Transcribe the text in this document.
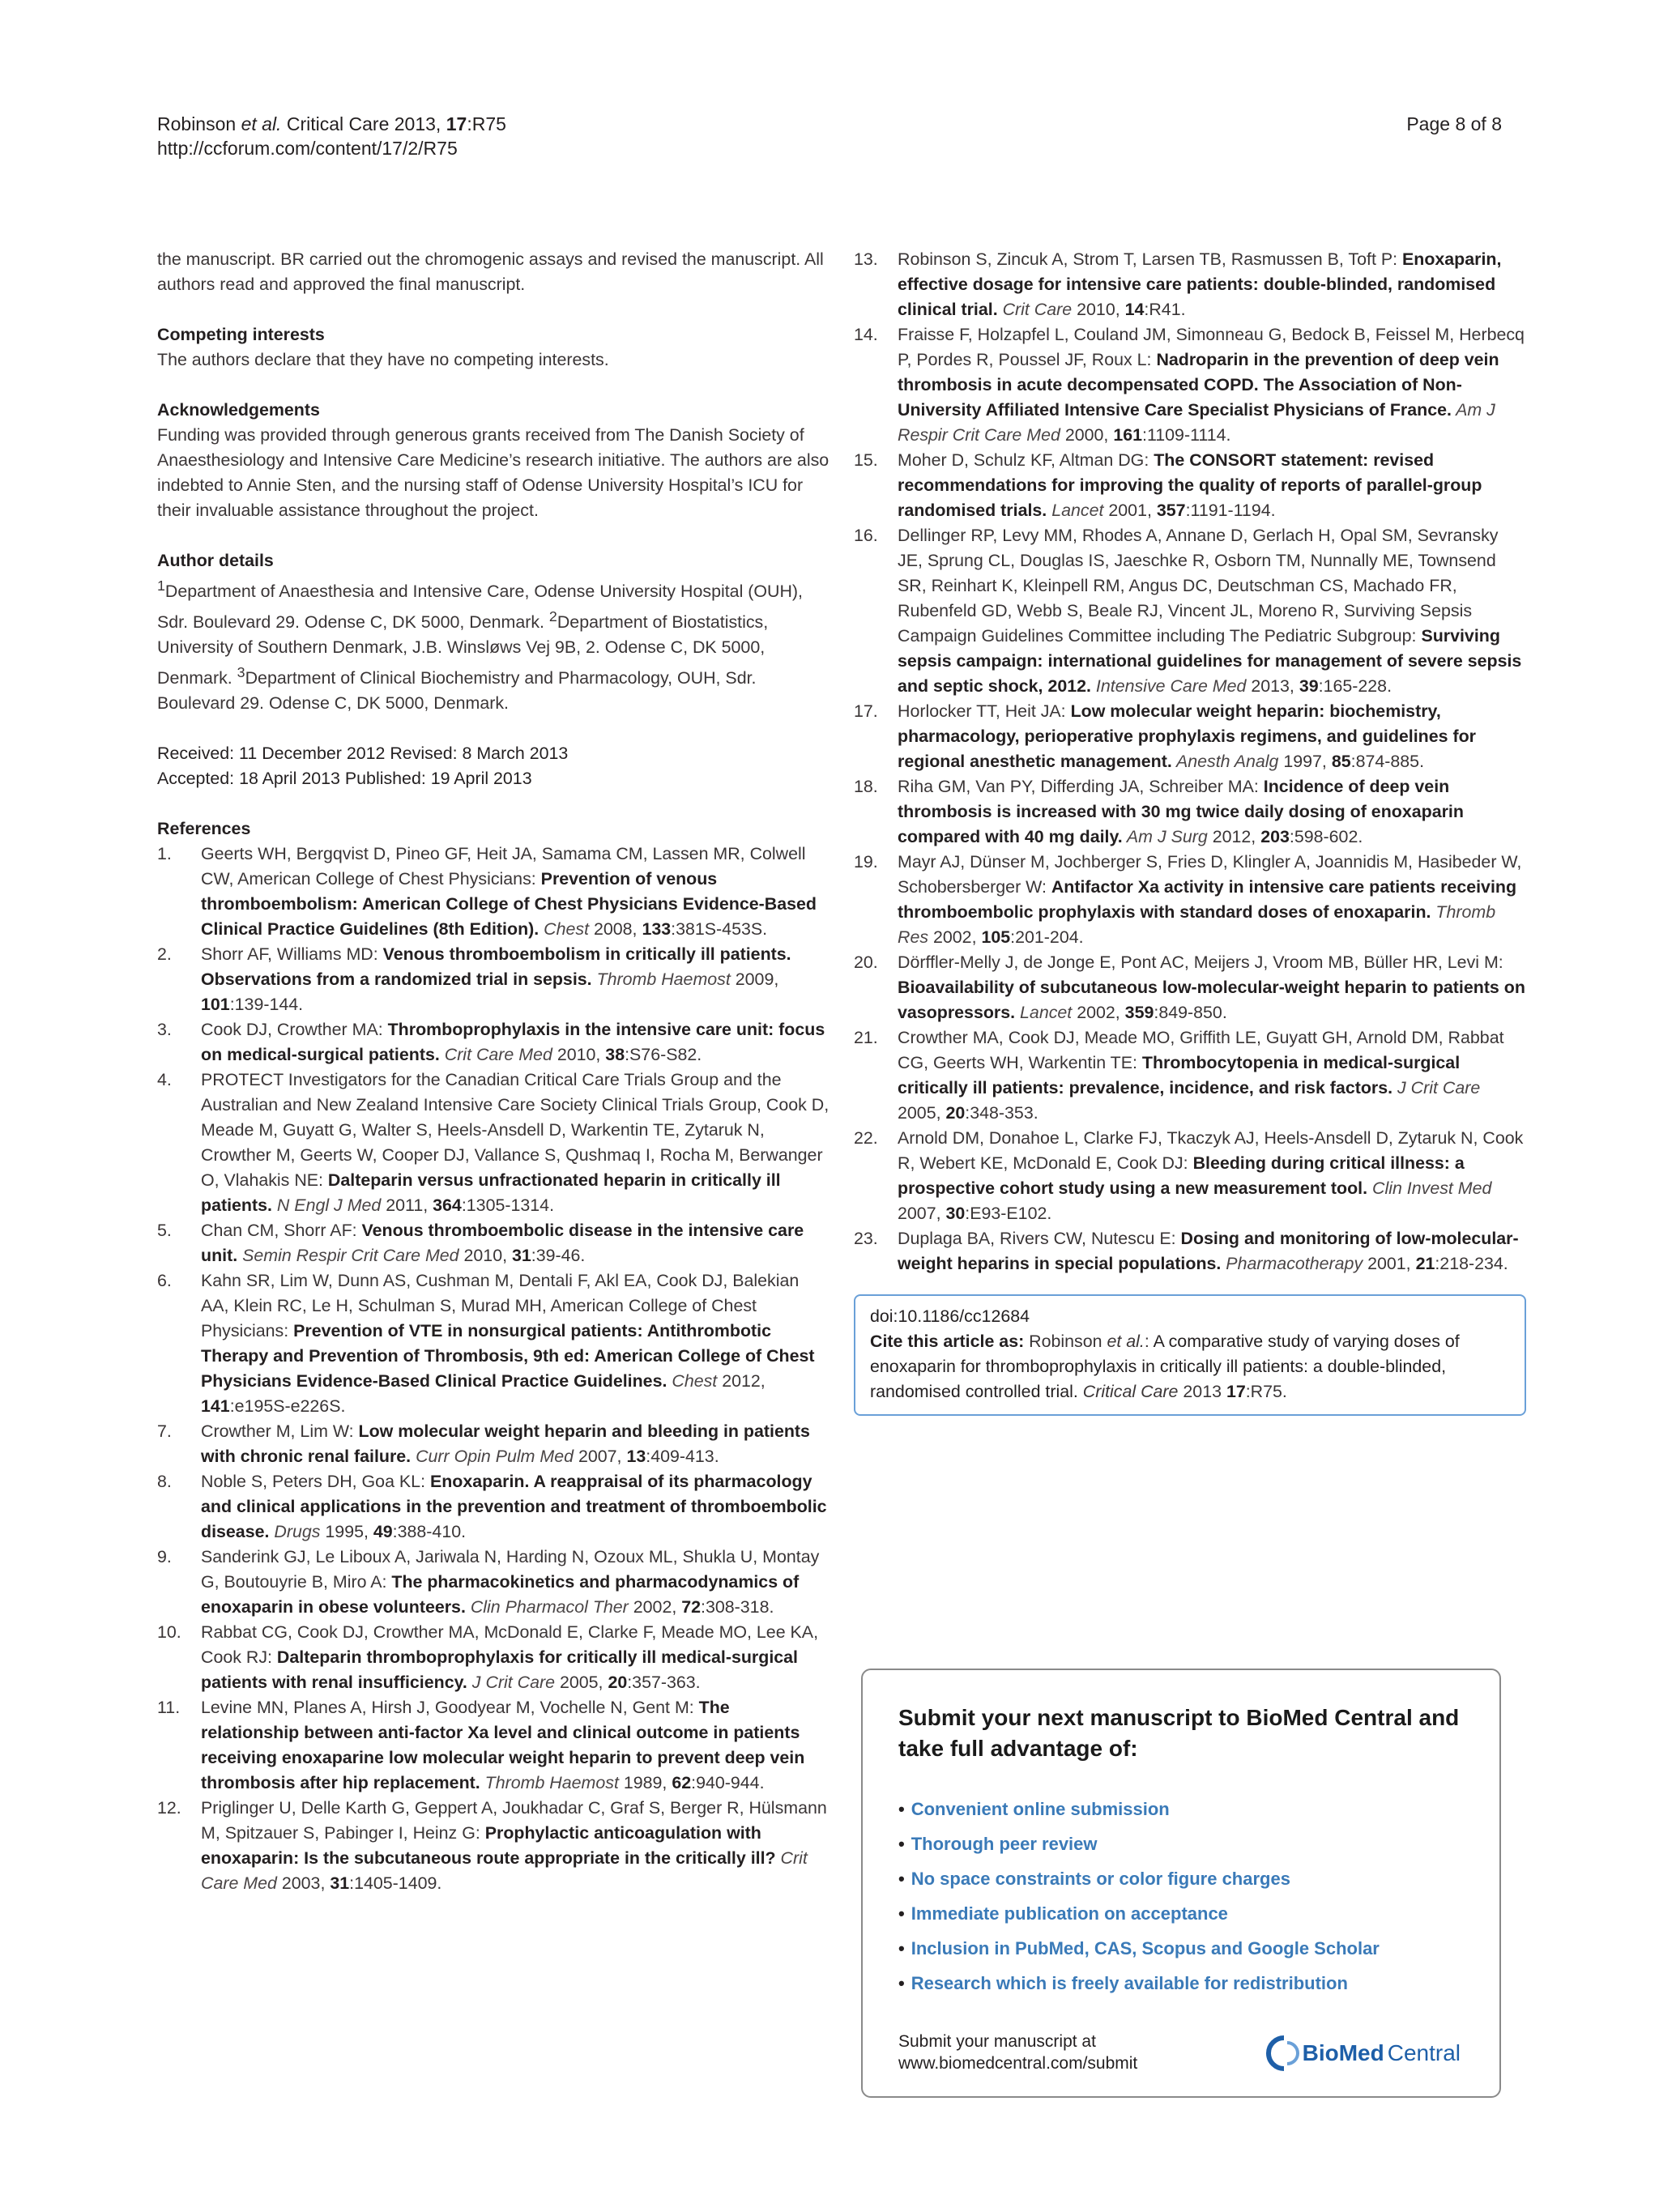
Robinson et al. Critical Care 2013, 17:R75
http://ccforum.com/content/17/2/R75
Page 8 of 8

the manuscript. BR carried out the chromogenic assays and revised the manuscript. All authors read and approved the final manuscript.

Competing interests

The authors declare that they have no competing interests.

Acknowledgements

Funding was provided through generous grants received from The Danish Society of Anaesthesiology and Intensive Care Medicine’s research initiative. The authors are also indebted to Annie Sten, and the nursing staff of Odense University Hospital’s ICU for their invaluable assistance throughout the project.

Author details

$^1$Department of Anaesthesia and Intensive Care, Odense University Hospital (OUH), Sdr. Boulevard 29. Odense C, DK 5000, Denmark. $^2$Department of Biostatistics, University of Southern Denmark, J.B. Winsløws Vej 9B, 2. Odense C, DK 5000, Denmark. $^3$Department of Clinical Biochemistry and Pharmacology, OUH, Sdr. Boulevard 29. Odense C, DK 5000, Denmark.

Received: 11 December 2012 Revised: 8 March 2013

Accepted: 18 April 2013 Published: 19 April 2013

References

1. Geerts WH, Bergqvist D, Pineo GF, Heit JA, Samama CM, Lassen MR, Colwell CW, American College of Chest Physicians: Prevention of venous thromboembolism: American College of Chest Physicians Evidence-Based Clinical Practice Guidelines (8th Edition). Chest 2008, 133:381S-453S.

2. Shorr AF, Williams MD: Venous thromboembolism in critically ill patients. Observations from a randomized trial in sepsis. Thromb Haemost 2009, 101:139-144.

3. Cook DJ, Crowther MA: Thromboprophylaxis in the intensive care unit: focus on medical-surgical patients. Crit Care Med 2010, 38:S76-S82.

4. PROTECT Investigators for the Canadian Critical Care Trials Group and the Australian and New Zealand Intensive Care Society Clinical Trials Group, Cook D, Meade M, Guyatt G, Walter S, Heels-Ansdell D, Warkentin TE, Zytaruk N, Crowther M, Geerts W, Cooper DJ, Vallance S, Qushmaq I, Rocha M, Berwanger O, Vlahakis NE: Dalteparin versus unfractionated heparin in critically ill patients. N Engl J Med 2011, 364:1305-1314.

5. Chan CM, Shorr AF: Venous thromboembolic disease in the intensive care unit. Semin Respir Crit Care Med 2010, 31:39-46.

6. Kahn SR, Lim W, Dunn AS, Cushman M, Dentali F, Akl EA, Cook DJ, Balekian AA, Klein RC, Le H, Schulman S, Murad MH, American College of Chest Physicians: Prevention of VTE in nonsurgical patients: Antithrombotic Therapy and Prevention of Thrombosis, 9th ed: American College of Chest Physicians Evidence-Based Clinical Practice Guidelines. Chest 2012, 141:e195S-e226S.

7. Crowther M, Lim W: Low molecular weight heparin and bleeding in patients with chronic renal failure. Curr Opin Pulm Med 2007, 13:409-413.

8. Noble S, Peters DH, Goa KL: Enoxaparin. A reappraisal of its pharmacology and clinical applications in the prevention and treatment of thromboembolic disease. Drugs 1995, 49:388-410.

9. Sanderink GJ, Le Liboux A, Jariwala N, Harding N, Ozoux ML, Shukla U, Montay G, Boutouyrie B, Miro A: The pharmacokinetics and pharmacodynamics of enoxaparin in obese volunteers. Clin Pharmacol Ther 2002, 72:308-318.

10. Rabbat CG, Cook DJ, Crowther MA, McDonald E, Clarke F, Meade MO, Lee KA, Cook RJ: Dalteparin thromboprophylaxis for critically ill medical-surgical patients with renal insufficiency. J Crit Care 2005, 20:357-363.

11. Levine MN, Planes A, Hirsh J, Goodyear M, Vochelle N, Gent M: The relationship between anti-factor Xa level and clinical outcome in patients receiving enoxaparine low molecular weight heparin to prevent deep vein thrombosis after hip replacement. Thromb Haemost 1989, 62:940-944.

12. Priglinger U, Delle Karth G, Geppert A, Joukhadar C, Graf S, Berger R, Hülsmann M, Spitzauer S, Pabinger I, Heinz G: Prophylactic anticoagulation with enoxaparin: Is the subcutaneous route appropriate in the critically ill? Crit Care Med 2003, 31:1405-1409.

13. Robinson S, Zincuk A, Strom T, Larsen TB, Rasmussen B, Toft P: Enoxaparin, effective dosage for intensive care patients: double-blinded, randomised clinical trial. Crit Care 2010, 14:R41.

14. Fraisse F, Holzapfel L, Couland JM, Simonneau G, Bedock B, Feissel M, Herbecq P, Pordes R, Poussel JF, Roux L: Nadroparin in the prevention of deep vein thrombosis in acute decompensated COPD. The Association of Non-University Affiliated Intensive Care Specialist Physicians of France. Am J Respir Crit Care Med 2000, 161:1109-1114.

15. Moher D, Schulz KF, Altman DG: The CONSORT statement: revised recommendations for improving the quality of reports of parallel-group randomised trials. Lancet 2001, 357:1191-1194.

16. Dellinger RP, Levy MM, Rhodes A, Annane D, Gerlach H, Opal SM, Sevransky JE, Sprung CL, Douglas IS, Jaeschke R, Osborn TM, Nunnally ME, Townsend SR, Reinhart K, Kleinpell RM, Angus DC, Deutschman CS, Machado FR, Rubenfeld GD, Webb S, Beale RJ, Vincent JL, Moreno R, Surviving Sepsis Campaign Guidelines Committee including The Pediatric Subgroup: Surviving sepsis campaign: international guidelines for management of severe sepsis and septic shock, 2012. Intensive Care Med 2013, 39:165-228.

17. Horlocker TT, Heit JA: Low molecular weight heparin: biochemistry, pharmacology, perioperative prophylaxis regimens, and guidelines for regional anesthetic management. Anesth Analg 1997, 85:874-885.

18. Riha GM, Van PY, Differding JA, Schreiber MA: Incidence of deep vein thrombosis is increased with 30 mg twice daily dosing of enoxaparin compared with 40 mg daily. Am J Surg 2012, 203:598-602.

19. Mayr AJ, Dünser M, Jochberger S, Fries D, Klingler A, Joannidis M, Hasibeder W, Schobersberger W: Antifactor Xa activity in intensive care patients receiving thromboembolic prophylaxis with standard doses of enoxaparin. Thromb Res 2002, 105:201-204.

20. Dörffler-Melly J, de Jonge E, Pont AC, Meijers J, Vroom MB, Büller HR, Levi M: Bioavailability of subcutaneous low-molecular-weight heparin to patients on vasopressors. Lancet 2002, 359:849-850.

21. Crowther MA, Cook DJ, Meade MO, Griffith LE, Guyatt GH, Arnold DM, Rabbat CG, Geerts WH, Warkentin TE: Thrombocytopenia in medical-surgical critically ill patients: prevalence, incidence, and risk factors. J Crit Care 2005, 20:348-353.

22. Arnold DM, Donahoe L, Clarke FJ, Tkaczyk AJ, Heels-Ansdell D, Zytaruk N, Cook R, Webert KE, McDonald E, Cook DJ: Bleeding during critical illness: a prospective cohort study using a new measurement tool. Clin Invest Med 2007, 30:E93-E102.

23. Duplaga BA, Rivers CW, Nutescu E: Dosing and monitoring of low-molecular-weight heparins in special populations. Pharmacotherapy 2001, 21:218-234.

doi:10.1186/cc12684
Cite this article as: Robinson et al.: A comparative study of varying doses of enoxaparin for thromboprophylaxis in critically ill patients: a double-blinded, randomised controlled trial. Critical Care 2013 17:R75.

Submit your next manuscript to BioMed Central and take full advantage of:

• Convenient online submission
• Thorough peer review
• No space constraints or color figure charges
• Immediate publication on acceptance
• Inclusion in PubMed, CAS, Scopus and Google Scholar
• Research which is freely available for redistribution
Submit your manuscript at
www.biomedcentral.com/submit	BioMed Central
